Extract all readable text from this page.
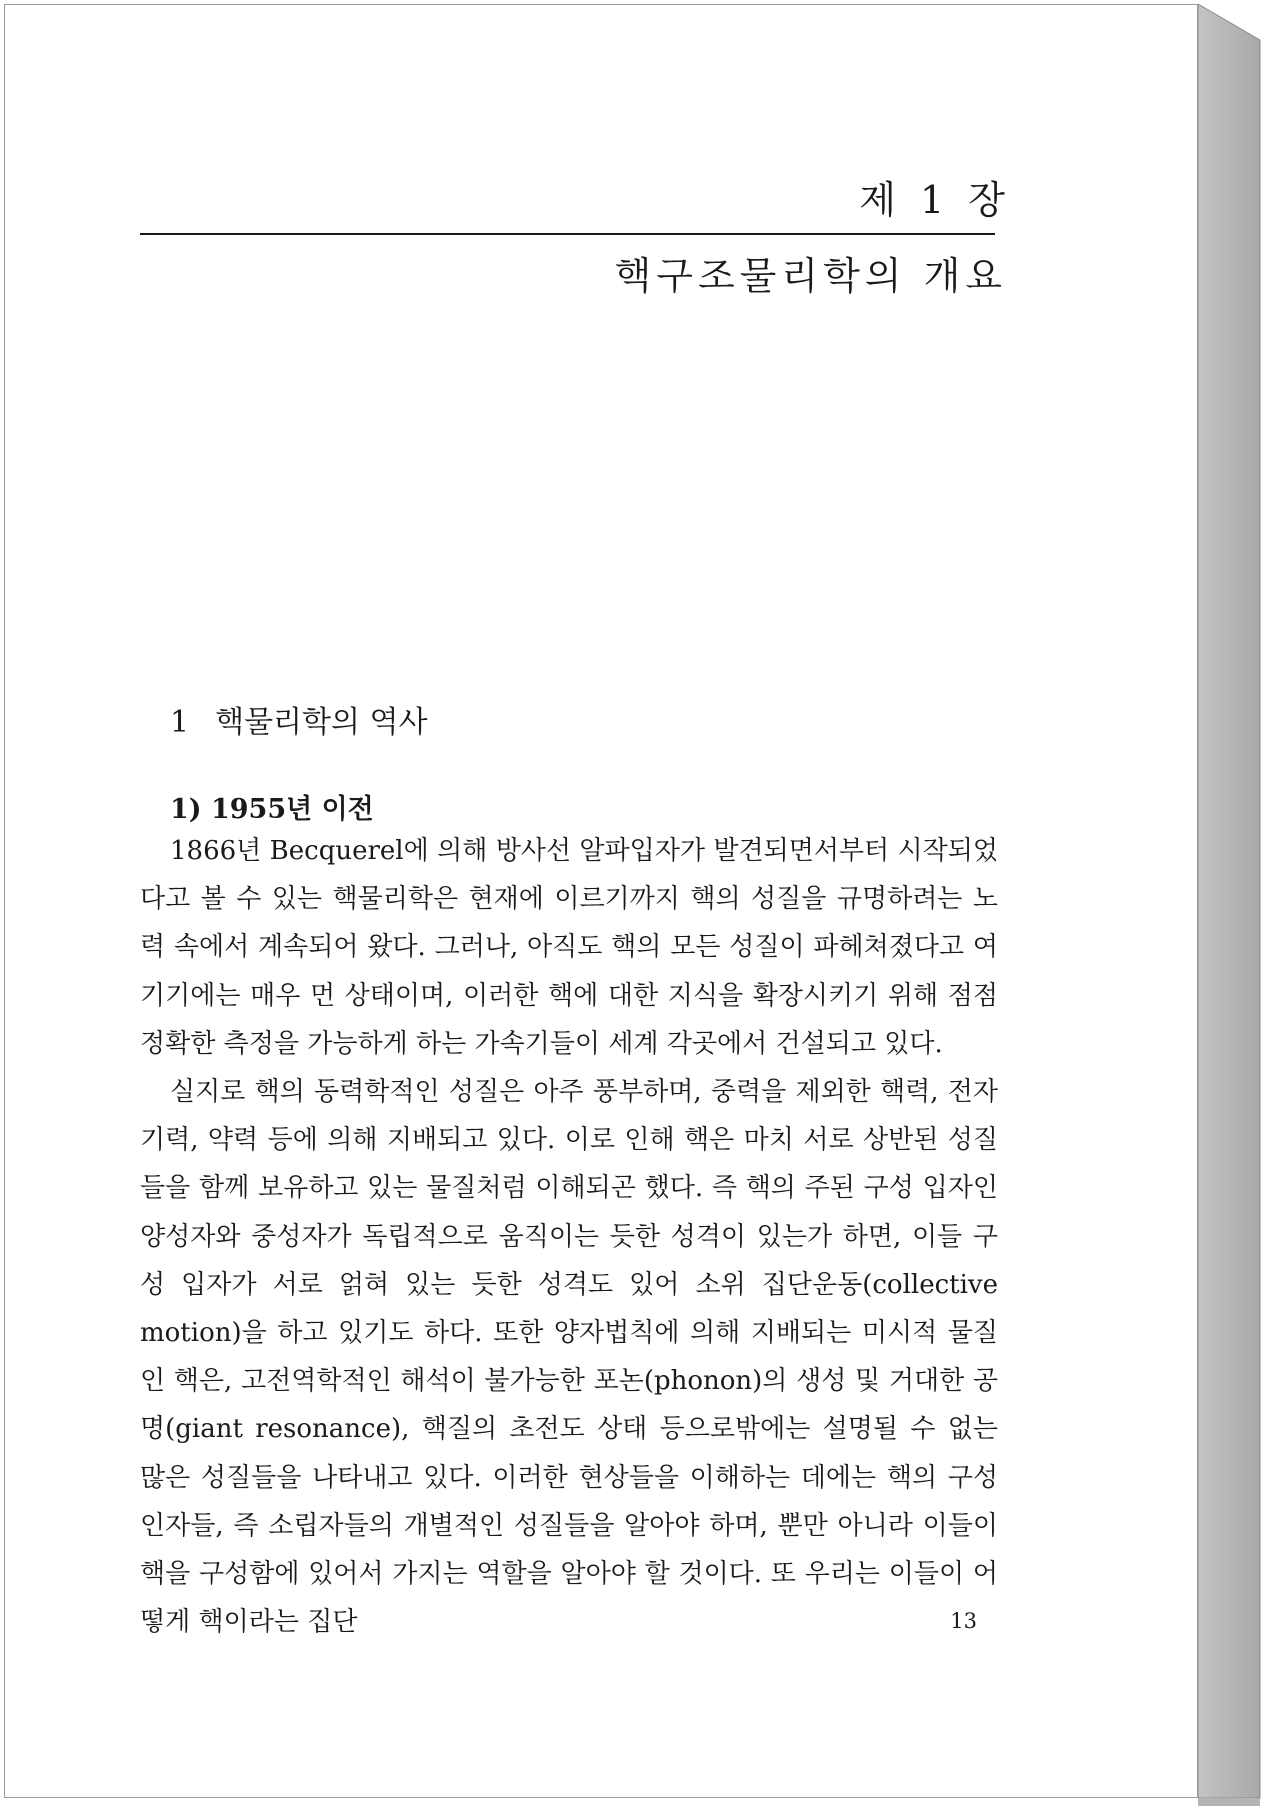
제 1 장
핵구조물리학의 개요
1 핵물리학의 역사
1) 1955년 이전

1866년 Becquerel에 의해 방사선 알파입자가 발견되면서부터 시작되었다고 볼 수 있는 핵물리학은 현재에 이르기까지 핵의 성질을 규명하려는 노력 속에서 계속되어 왔다. 그러나, 아직도 핵의 모든 성질이 파헤쳐졌다고 여기기에는 매우 먼 상태이며, 이러한 핵에 대한 지식을 확장시키기 위해 점점 정확한 측정을 가능하게 하는 가속기들이 세계 각곳에서 건설되고 있다.

실지로 핵의 동력학적인 성질은 아주 풍부하며, 중력을 제외한 핵력, 전자기력, 약력 등에 의해 지배되고 있다. 이로 인해 핵은 마치 서로 상반된 성질들을 함께 보유하고 있는 물질처럼 이해되곤 했다. 즉 핵의 주된 구성 입자인 양성자와 중성자가 독립적으로 움직이는 듯한 성격이 있는가 하면, 이들 구성 입자가 서로 얽혀 있는 듯한 성격도 있어 소위 집단운동(collective motion)을 하고 있기도 하다. 또한 양자법칙에 의해 지배되는 미시적 물질인 핵은, 고전역학적인 해석이 불가능한 포논(phonon)의 생성 및 거대한 공명(giant resonance), 핵질의 초전도 상태 등으로밖에는 설명될 수 없는 많은 성질들을 나타내고 있다. 이러한 현상들을 이해하는 데에는 핵의 구성 인자들, 즉 소립자들의 개별적인 성질들을 알아야 하며, 뿐만 아니라 이들이 핵을 구성함에 있어서 가지는 역할을 알아야 할 것이다. 또 우리는 이들이 어떻게 핵이라는 집단	13
